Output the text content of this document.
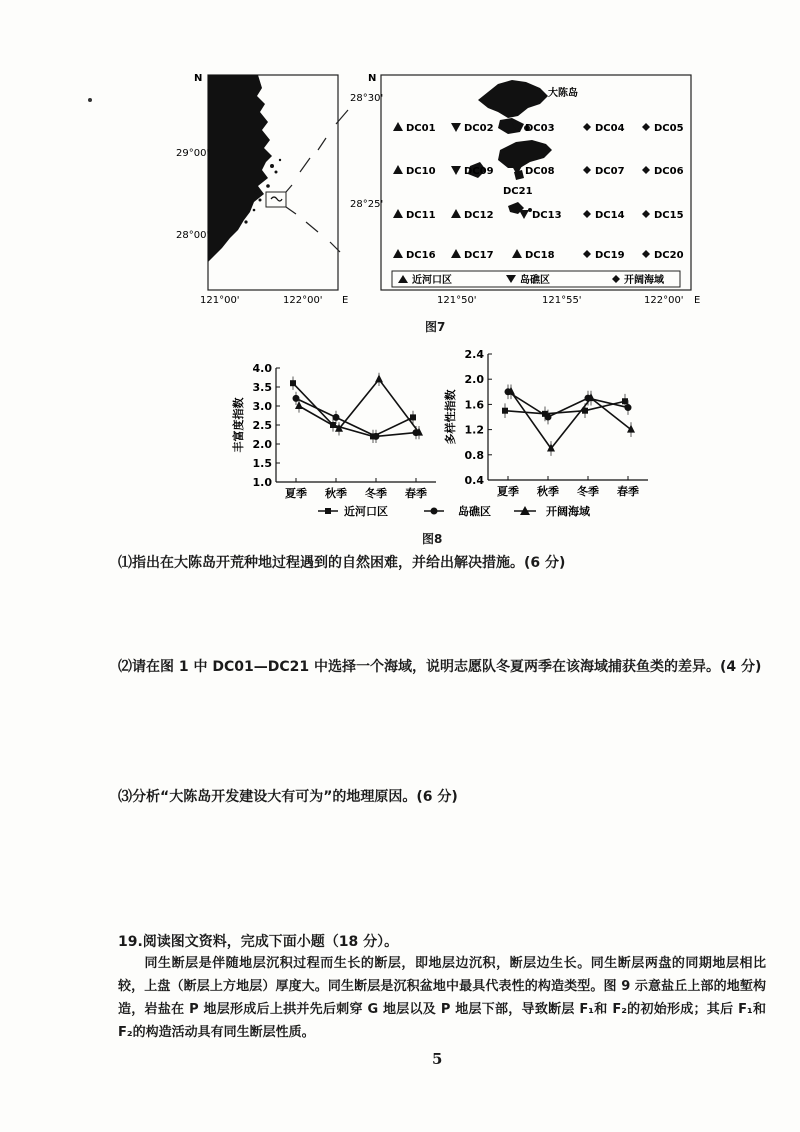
N
29°00'
28°00'
121°00'	122°00' E
N
28°30'
28°25'
121°50'	121°55'	122°00' E
大陈岛
DC01	DC02	DC03	DC04	DC05
DC10	DC09	DC08	DC07	DC06
DC21
DC11	DC12	DC13	DC14	DC15
DC16	DC17	DC18	DC19	DC20
近河口区	岛礁区	开阔海域
图7
1.0
1.5
2.0
2.5
3.0
3.5
4.0
丰富度指数
夏季 秋季 冬季 春季
0.4
0.8
1.2
1.6
2.0
2.4
多样性指数
夏季 秋季 冬季 春季
近河口区	岛礁区	开阔海域
图8
⑴指出在大陈岛开荒种地过程遇到的自然困难，并给出解决措施。(6 分)
⑵请在图 1 中 DC01—DC21 中选择一个海域，说明志愿队冬夏两季在该海域捕获鱼类的差异。(4 分)
⑶分析“大陈岛开发建设大有可为”的地理原因。(6 分)
19.阅读图文资料，完成下面小题（18 分）。
同生断层是伴随地层沉积过程而生长的断层，即地层边沉积，断层边生长。同生断层两盘的同期地层相比较，上盘（断层上方地层）厚度大。同生断层是沉积盆地中最具代表性的构造类型。图 9 示意盐丘上部的地堑构造，岩盐在 P 地层形成后上拱并先后刺穿 G 地层以及 P 地层下部，导致断层 F₁和 F₂的初始形成；其后 F₁和 F₂的构造活动具有同生断层性质。
5
